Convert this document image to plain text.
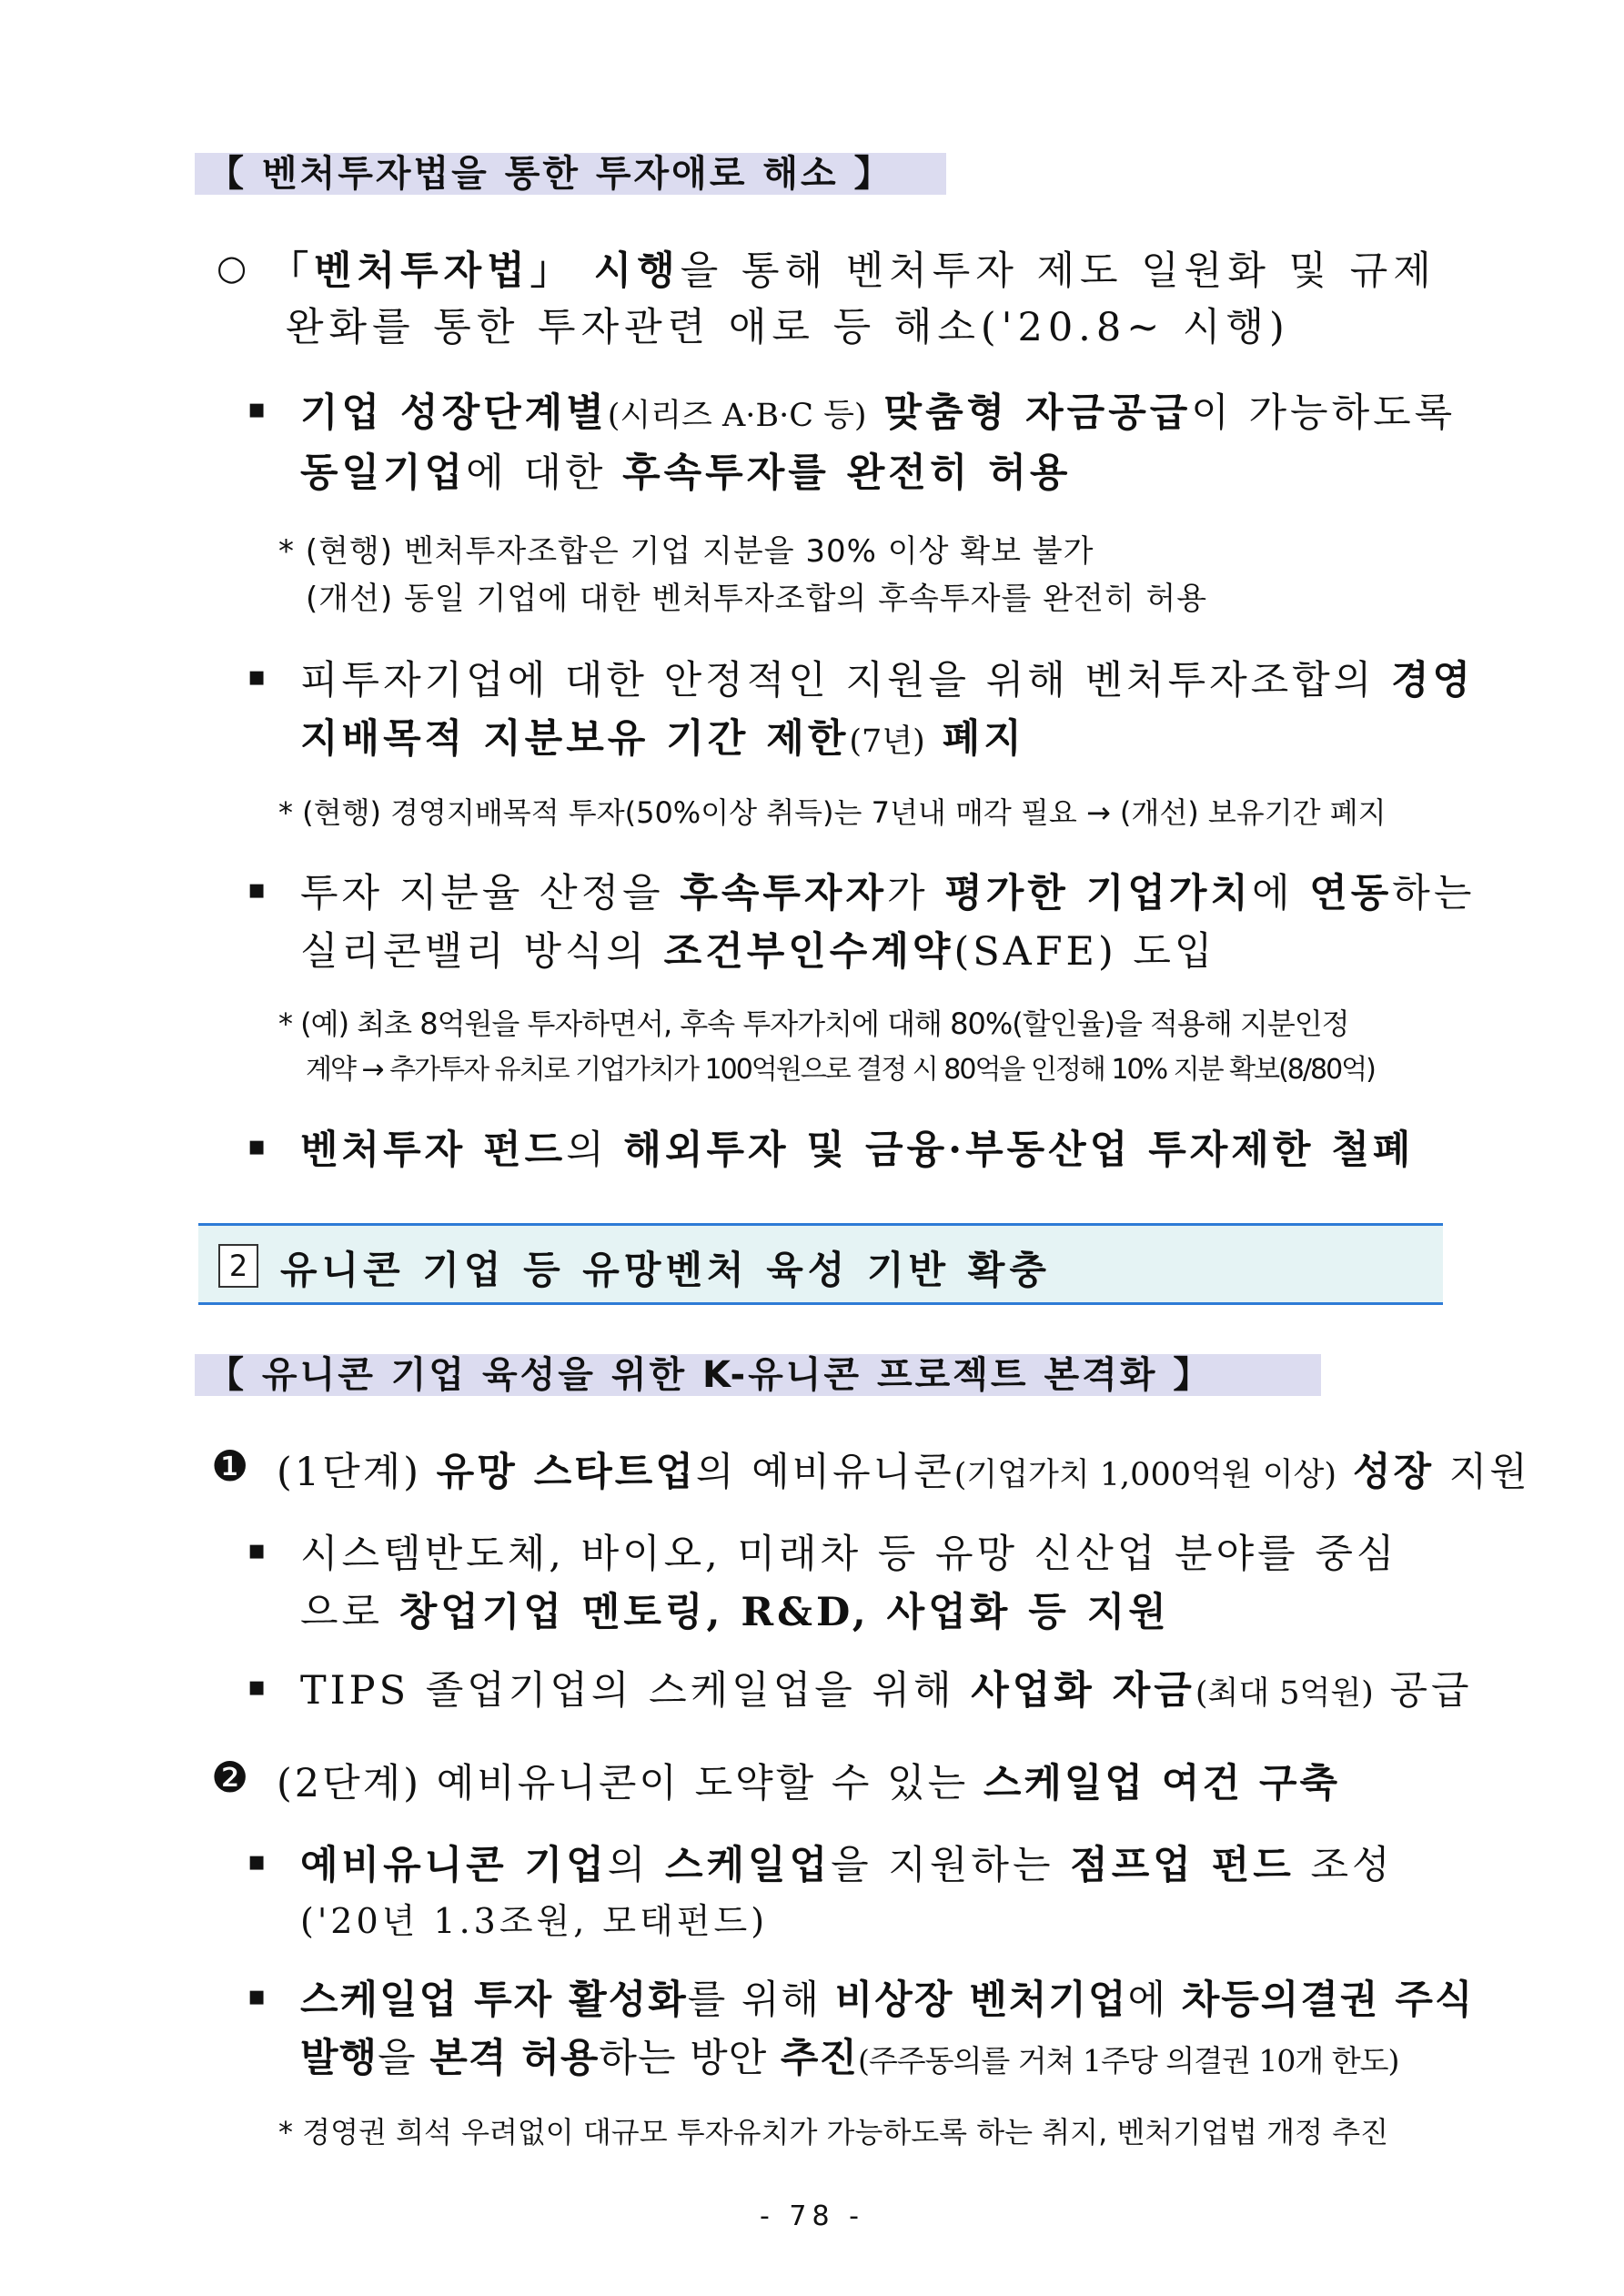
【 벤처투자법을 통한 투자애로 해소 】
○ 「벤처투자법」 시행을 통해 벤처투자 제도 일원화 및 규제
완화를 통한 투자관련 애로 등 해소('20.8~ 시행)
▪ 기업 성장단계별(시리즈 A·B·C 등) 맞춤형 자금공급이 가능하도록
동일기업에 대한 후속투자를 완전히 허용
* (현행) 벤처투자조합은 기업 지분을 30% 이상 확보 불가
(개선) 동일 기업에 대한 벤처투자조합의 후속투자를 완전히 허용
▪ 피투자기업에 대한 안정적인 지원을 위해 벤처투자조합의 경영
지배목적 지분보유 기간 제한(7년) 폐지
* (현행) 경영지배목적 투자(50%이상 취득)는 7년내 매각 필요 → (개선) 보유기간 폐지
▪ 투자 지분율 산정을 후속투자자가 평가한 기업가치에 연동하는
실리콘밸리 방식의 조건부인수계약(SAFE) 도입
* (예) 최초 8억원을 투자하면서, 후속 투자가치에 대해 80%(할인율)을 적용해 지분인정
계약 → 추가투자 유치로 기업가치가 100억원으로 결정 시 80억을 인정해 10% 지분 확보(8/80억)
▪ 벤처투자 펀드의 해외투자 및 금융·부동산업 투자제한 철폐
2 유니콘 기업 등 유망벤처 육성 기반 확충
【 유니콘 기업 육성을 위한 K-유니콘 프로젝트 본격화 】
❶ (1단계) 유망 스타트업의 예비유니콘(기업가치 1,000억원 이상) 성장 지원
▪ 시스템반도체, 바이오, 미래차 등 유망 신산업 분야를 중심
으로 창업기업 멘토링, R&D, 사업화 등 지원
▪ TIPS 졸업기업의 스케일업을 위해 사업화 자금(최대 5억원) 공급
❷ (2단계) 예비유니콘이 도약할 수 있는 스케일업 여건 구축
▪ 예비유니콘 기업의 스케일업을 지원하는 점프업 펀드 조성
('20년 1.3조원, 모태펀드)
▪ 스케일업 투자 활성화를 위해 비상장 벤처기업에 차등의결권 주식
발행을 본격 허용하는 방안 추진(주주동의를 거쳐 1주당 의결권 10개 한도)
* 경영권 희석 우려없이 대규모 투자유치가 가능하도록 하는 취지, 벤처기업법 개정 추진
- 78 -
